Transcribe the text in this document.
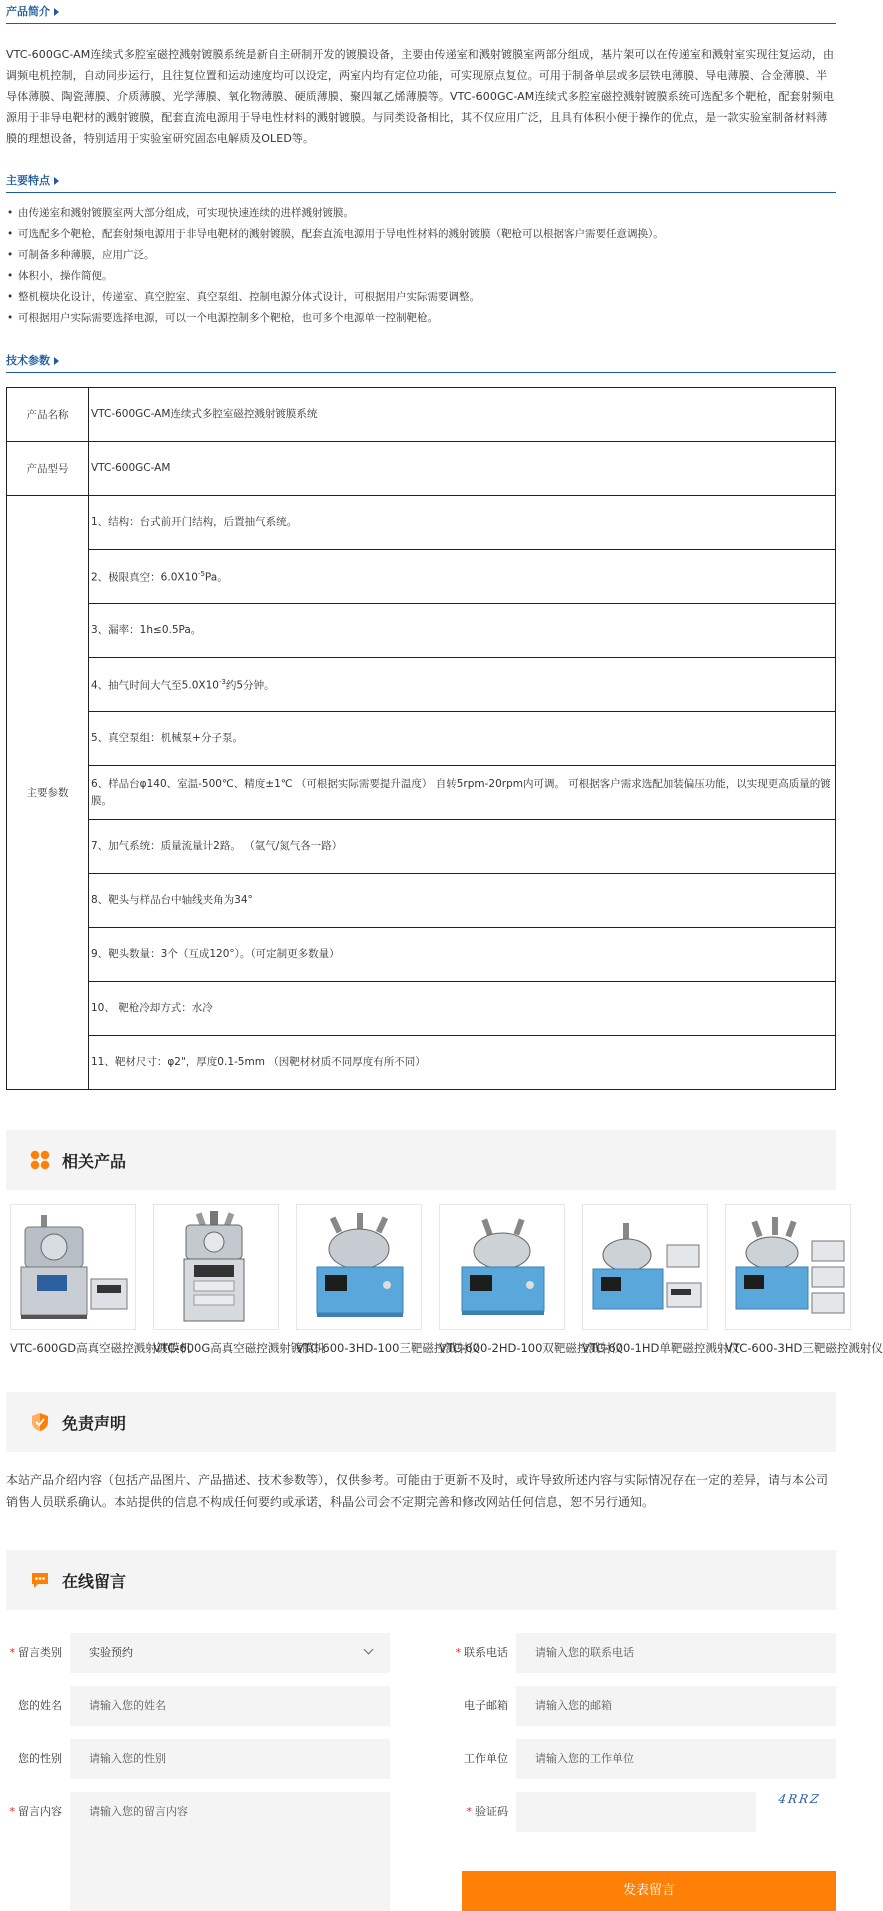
产品简介
VTC-600GC-AM连续式多腔室磁控溅射镀膜系统是新自主研制开发的镀膜设备，主要由传递室和溅射镀膜室两部分组成，基片架可以在传递室和溅射室实现往复运动，由调频电机控制，自动同步运行，且往复位置和运动速度均可以设定，两室内均有定位功能，可实现原点复位。可用于制备单层或多层铁电薄膜、导电薄膜、合金薄膜、半导体薄膜、陶瓷薄膜、介质薄膜、光学薄膜、氧化物薄膜、硬质薄膜、聚四氟乙烯薄膜等。VTC-600GC-AM连续式多腔室磁控溅射镀膜系统可选配多个靶枪，配套射频电源用于非导电靶材的溅射镀膜，配套直流电源用于导电性材料的溅射镀膜。与同类设备相比，其不仅应用广泛，且具有体积小便于操作的优点，是一款实验室制备材料薄膜的理想设备，特别适用于实验室研究固态电解质及OLED等。
主要特点
• 由传递室和溅射镀膜室两大部分组成，可实现快速连续的进样溅射镀膜。
• 可选配多个靶枪，配套射频电源用于非导电靶材的溅射镀膜，配套直流电源用于导电性材料的溅射镀膜（靶枪可以根据客户需要任意调换）。
• 可制备多种薄膜，应用广泛。
• 体积小，操作简便。
• 整机模块化设计，传递室、真空腔室、真空泵组、控制电源分体式设计，可根据用户实际需要调整。
• 可根据用户实际需要选择电源，可以一个电源控制多个靶枪，也可多个电源单一控制靶枪。
技术参数
产品名称	VTC-600GC-AM连续式多腔室磁控溅射镀膜系统
产品型号	VTC-600GC-AM
主要参数	1、结构：台式前开门结构，后置抽气系统。
	2、极限真空：$6.0X10^{-5}Pa$。
	3、漏率：1h≤0.5Pa。
	4、抽气时间大气至$5.0X10^{-3}$约5分钟。
	5、真空泵组：机械泵+分子泵。
	6、样品台φ140、室温-500℃、精度±1℃ （可根据实际需要提升温度） 自转5rpm-20rpm内可调。 可根据客户需求选配加装偏压功能，以实现更高质量的镀膜。
	7、加气系统：质量流量计2路。 （氩气/氮气各一路）
	8、靶头与样品台中轴线夹角为34°
	9、靶头数量：3个（互成120°）。（可定制更多数量）
	10、 靶枪冷却方式：水冷
	11、靶材尺寸：φ2"，厚度0.1-5mm （因靶材材质不同厚度有所不同）
相关产品
VTC-600GD高真空磁控溅射镀膜机
VTC-600G高真空磁控溅射镀膜机
VTC-600-3HD-100三靶磁控溅射仪
VTC-600-2HD-100双靶磁控溅射仪
VTC-600-1HD单靶磁控溅射仪
VTC-600-3HD三靶磁控溅射仪
免责声明
本站产品介绍内容（包括产品图片、产品描述、技术参数等），仅供参考。可能由于更新不及时，或许导致所述内容与实际情况存在一定的差异，请与本公司销售人员联系确认。本站提供的信息不构成任何要约或承诺，科晶公司会不定期完善和修改网站任何信息，恕不另行通知。
在线留言
* 留言类别	实验预约	* 联系电话	请输入您的联系电话
您的姓名	请输入您的姓名	电子邮箱	请输入您的邮箱
您的性别	请输入您的性别	工作单位	请输入您的工作单位
* 留言内容	请输入您的留言内容	* 验证码
4RRZ
发表留言
